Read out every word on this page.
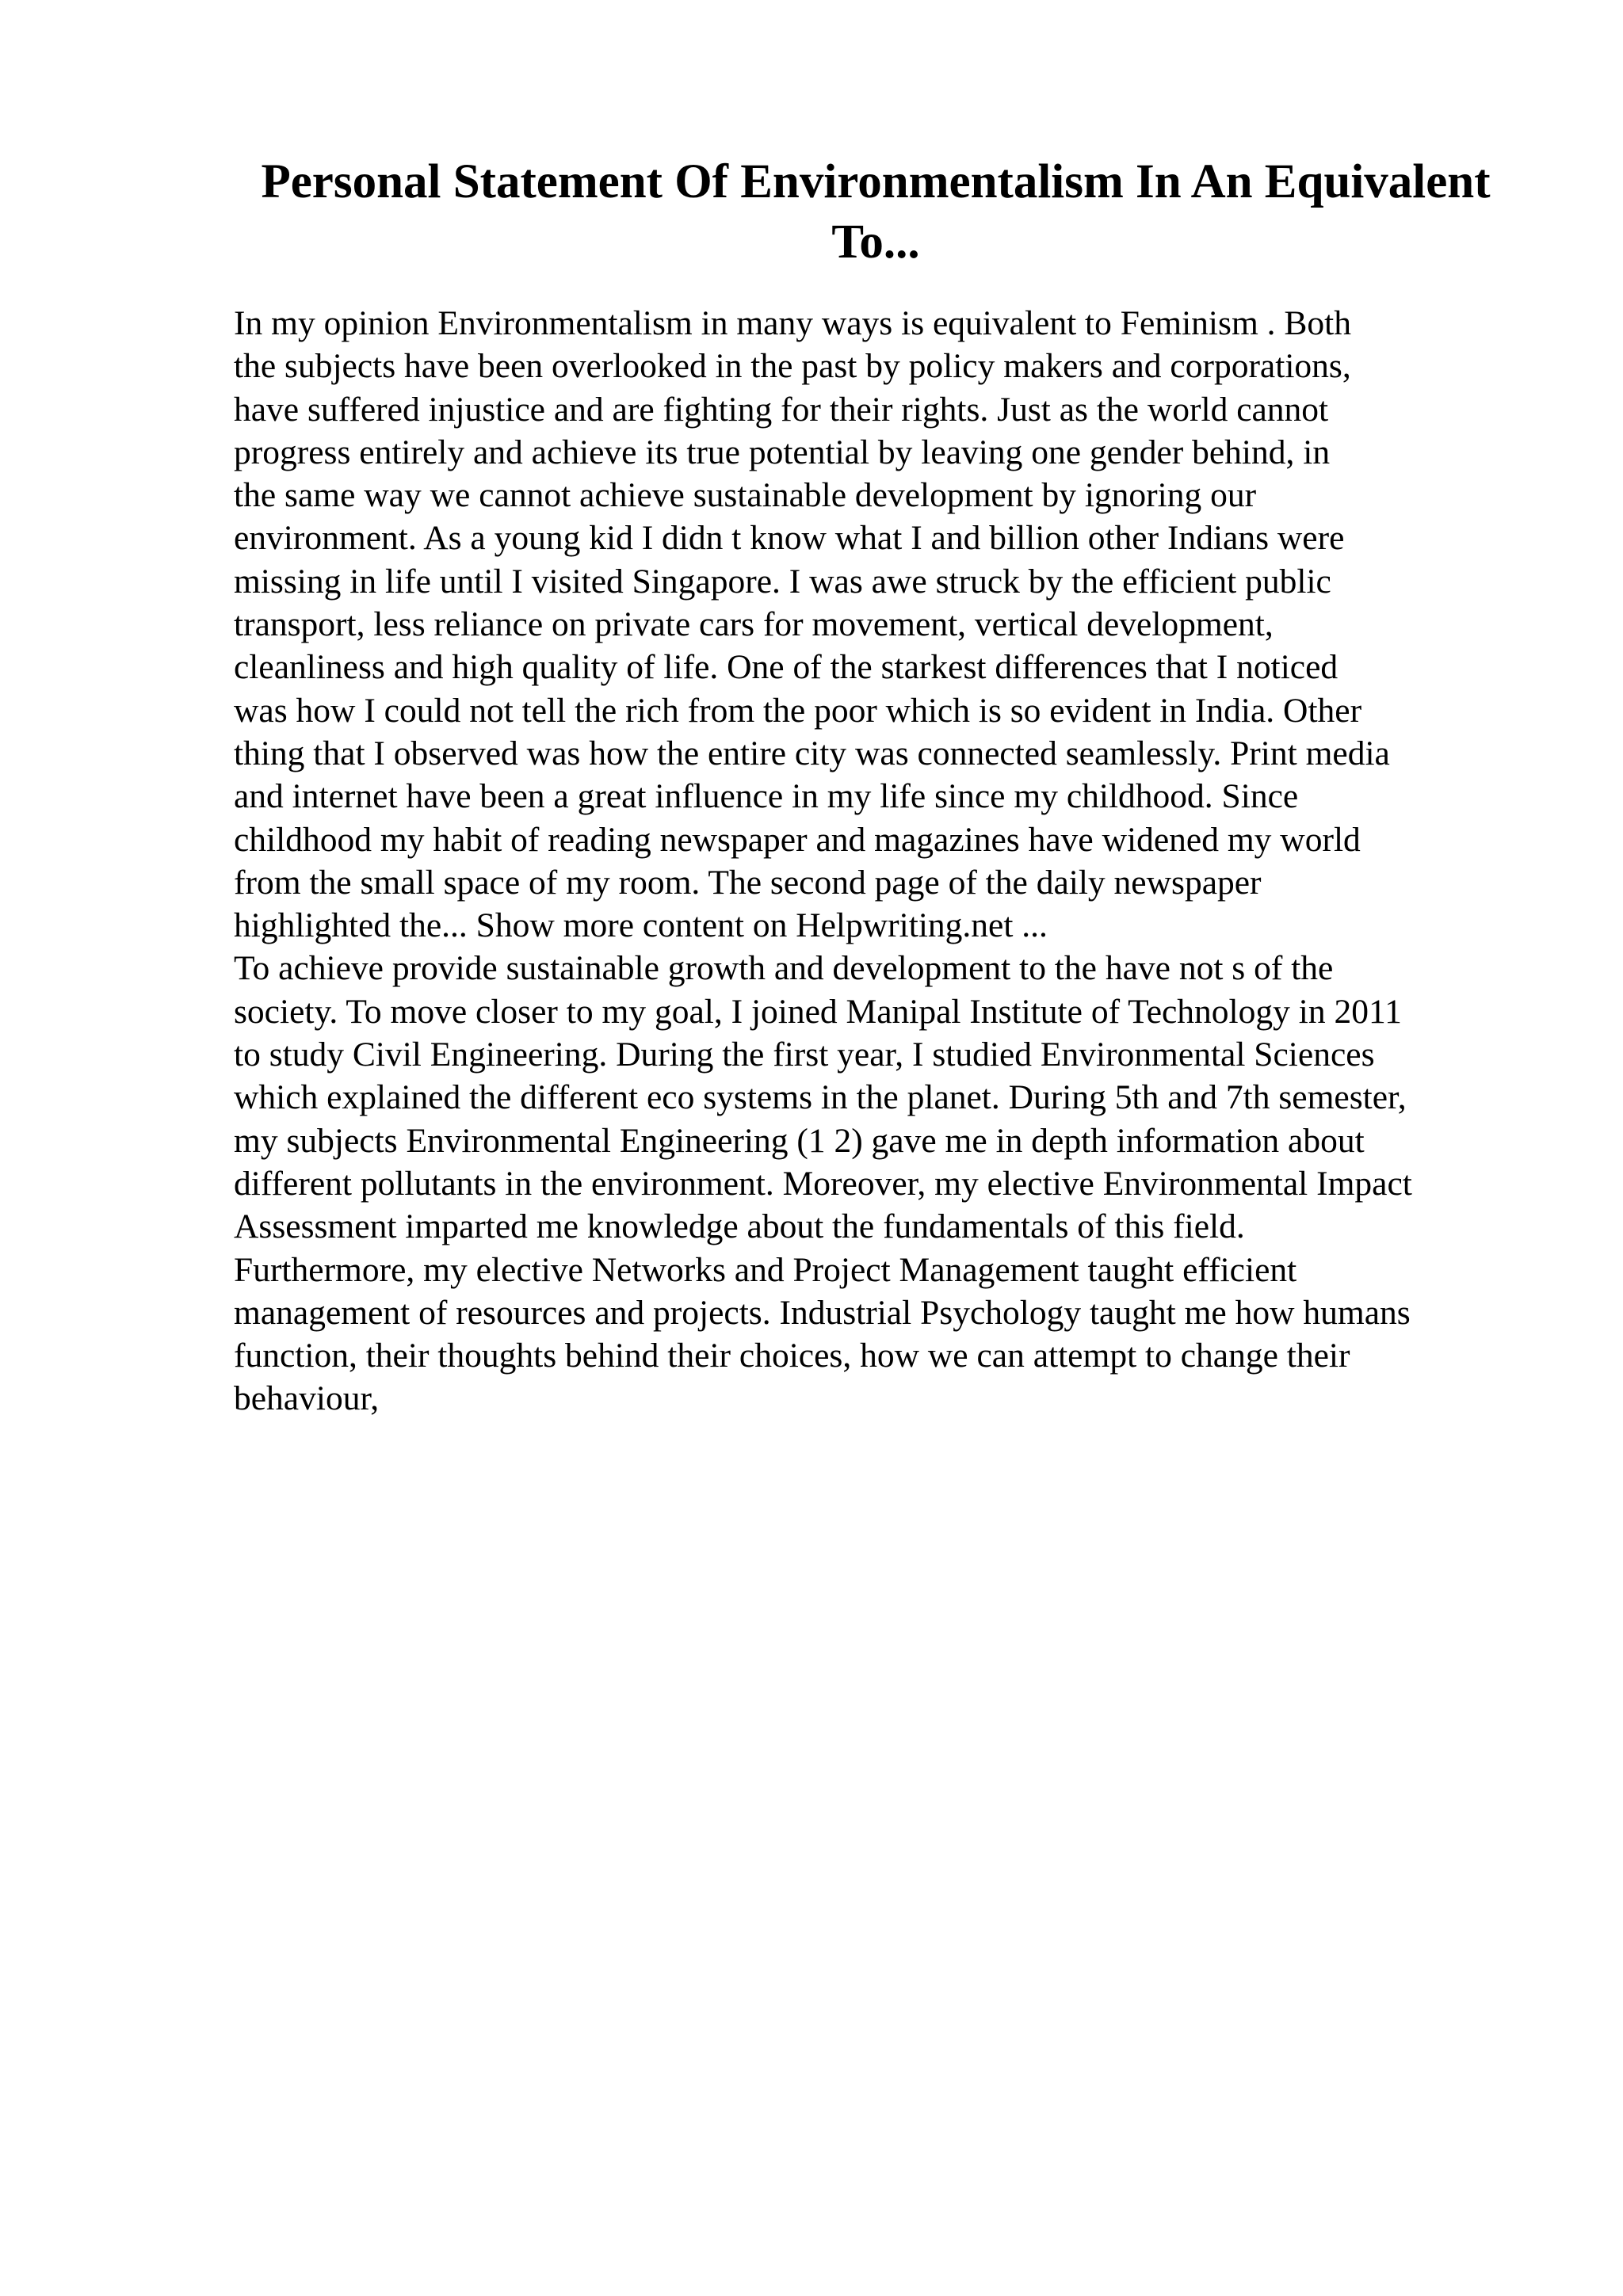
Personal Statement Of Environmentalism In An Equivalent
To...
In my opinion Environmentalism in many ways is equivalent to Feminism . Both
the subjects have been overlooked in the past by policy makers and corporations,
have suffered injustice and are fighting for their rights. Just as the world cannot
progress entirely and achieve its true potential by leaving one gender behind, in
the same way we cannot achieve sustainable development by ignoring our
environment. As a young kid I didn t know what I and billion other Indians were
missing in life until I visited Singapore. I was awe struck by the efficient public
transport, less reliance on private cars for movement, vertical development,
cleanliness and high quality of life. One of the starkest differences that I noticed
was how I could not tell the rich from the poor which is so evident in India. Other
thing that I observed was how the entire city was connected seamlessly. Print media
and internet have been a great influence in my life since my childhood. Since
childhood my habit of reading newspaper and magazines have widened my world
from the small space of my room. The second page of the daily newspaper
highlighted the... Show more content on Helpwriting.net ...
To achieve provide sustainable growth and development to the have not s of the
society. To move closer to my goal, I joined Manipal Institute of Technology in 2011
to study Civil Engineering. During the first year, I studied Environmental Sciences
which explained the different eco systems in the planet. During 5th and 7th semester,
my subjects Environmental Engineering (1 2) gave me in depth information about
different pollutants in the environment. Moreover, my elective Environmental Impact
Assessment imparted me knowledge about the fundamentals of this field.
Furthermore, my elective Networks and Project Management taught efficient
management of resources and projects. Industrial Psychology taught me how humans
function, their thoughts behind their choices, how we can attempt to change their
behaviour,
